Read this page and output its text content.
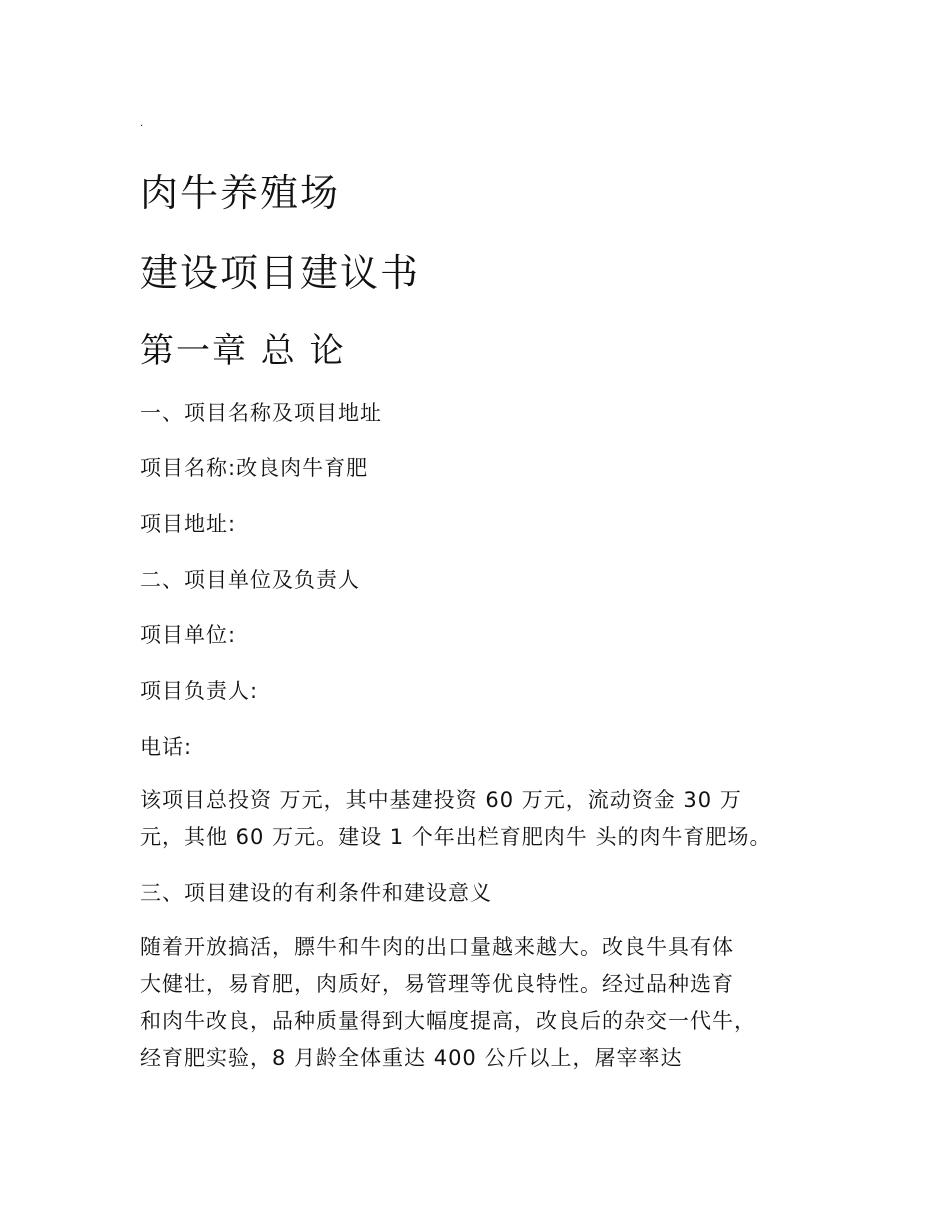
.
肉牛养殖场
建设项目建议书
第一章 总 论
一、项目名称及项目地址
项目名称:改良肉牛育肥
项目地址:
二、项目单位及负责人
项目单位:
项目负责人:
电话:
该项目总投资 万元，其中基建投资 60 万元，流动资金 30 万
元，其他 60 万元。建设 1 个年出栏育肥肉牛 头的肉牛育肥场。
三、项目建设的有利条件和建设意义
随着开放搞活，膘牛和牛肉的出口量越来越大。改良牛具有体
大健壮，易育肥，肉质好，易管理等优良特性。经过品种选育
和肉牛改良，品种质量得到大幅度提高，改良后的杂交一代牛，
经育肥实验，8 月龄全体重达 400 公斤以上，屠宰率达
